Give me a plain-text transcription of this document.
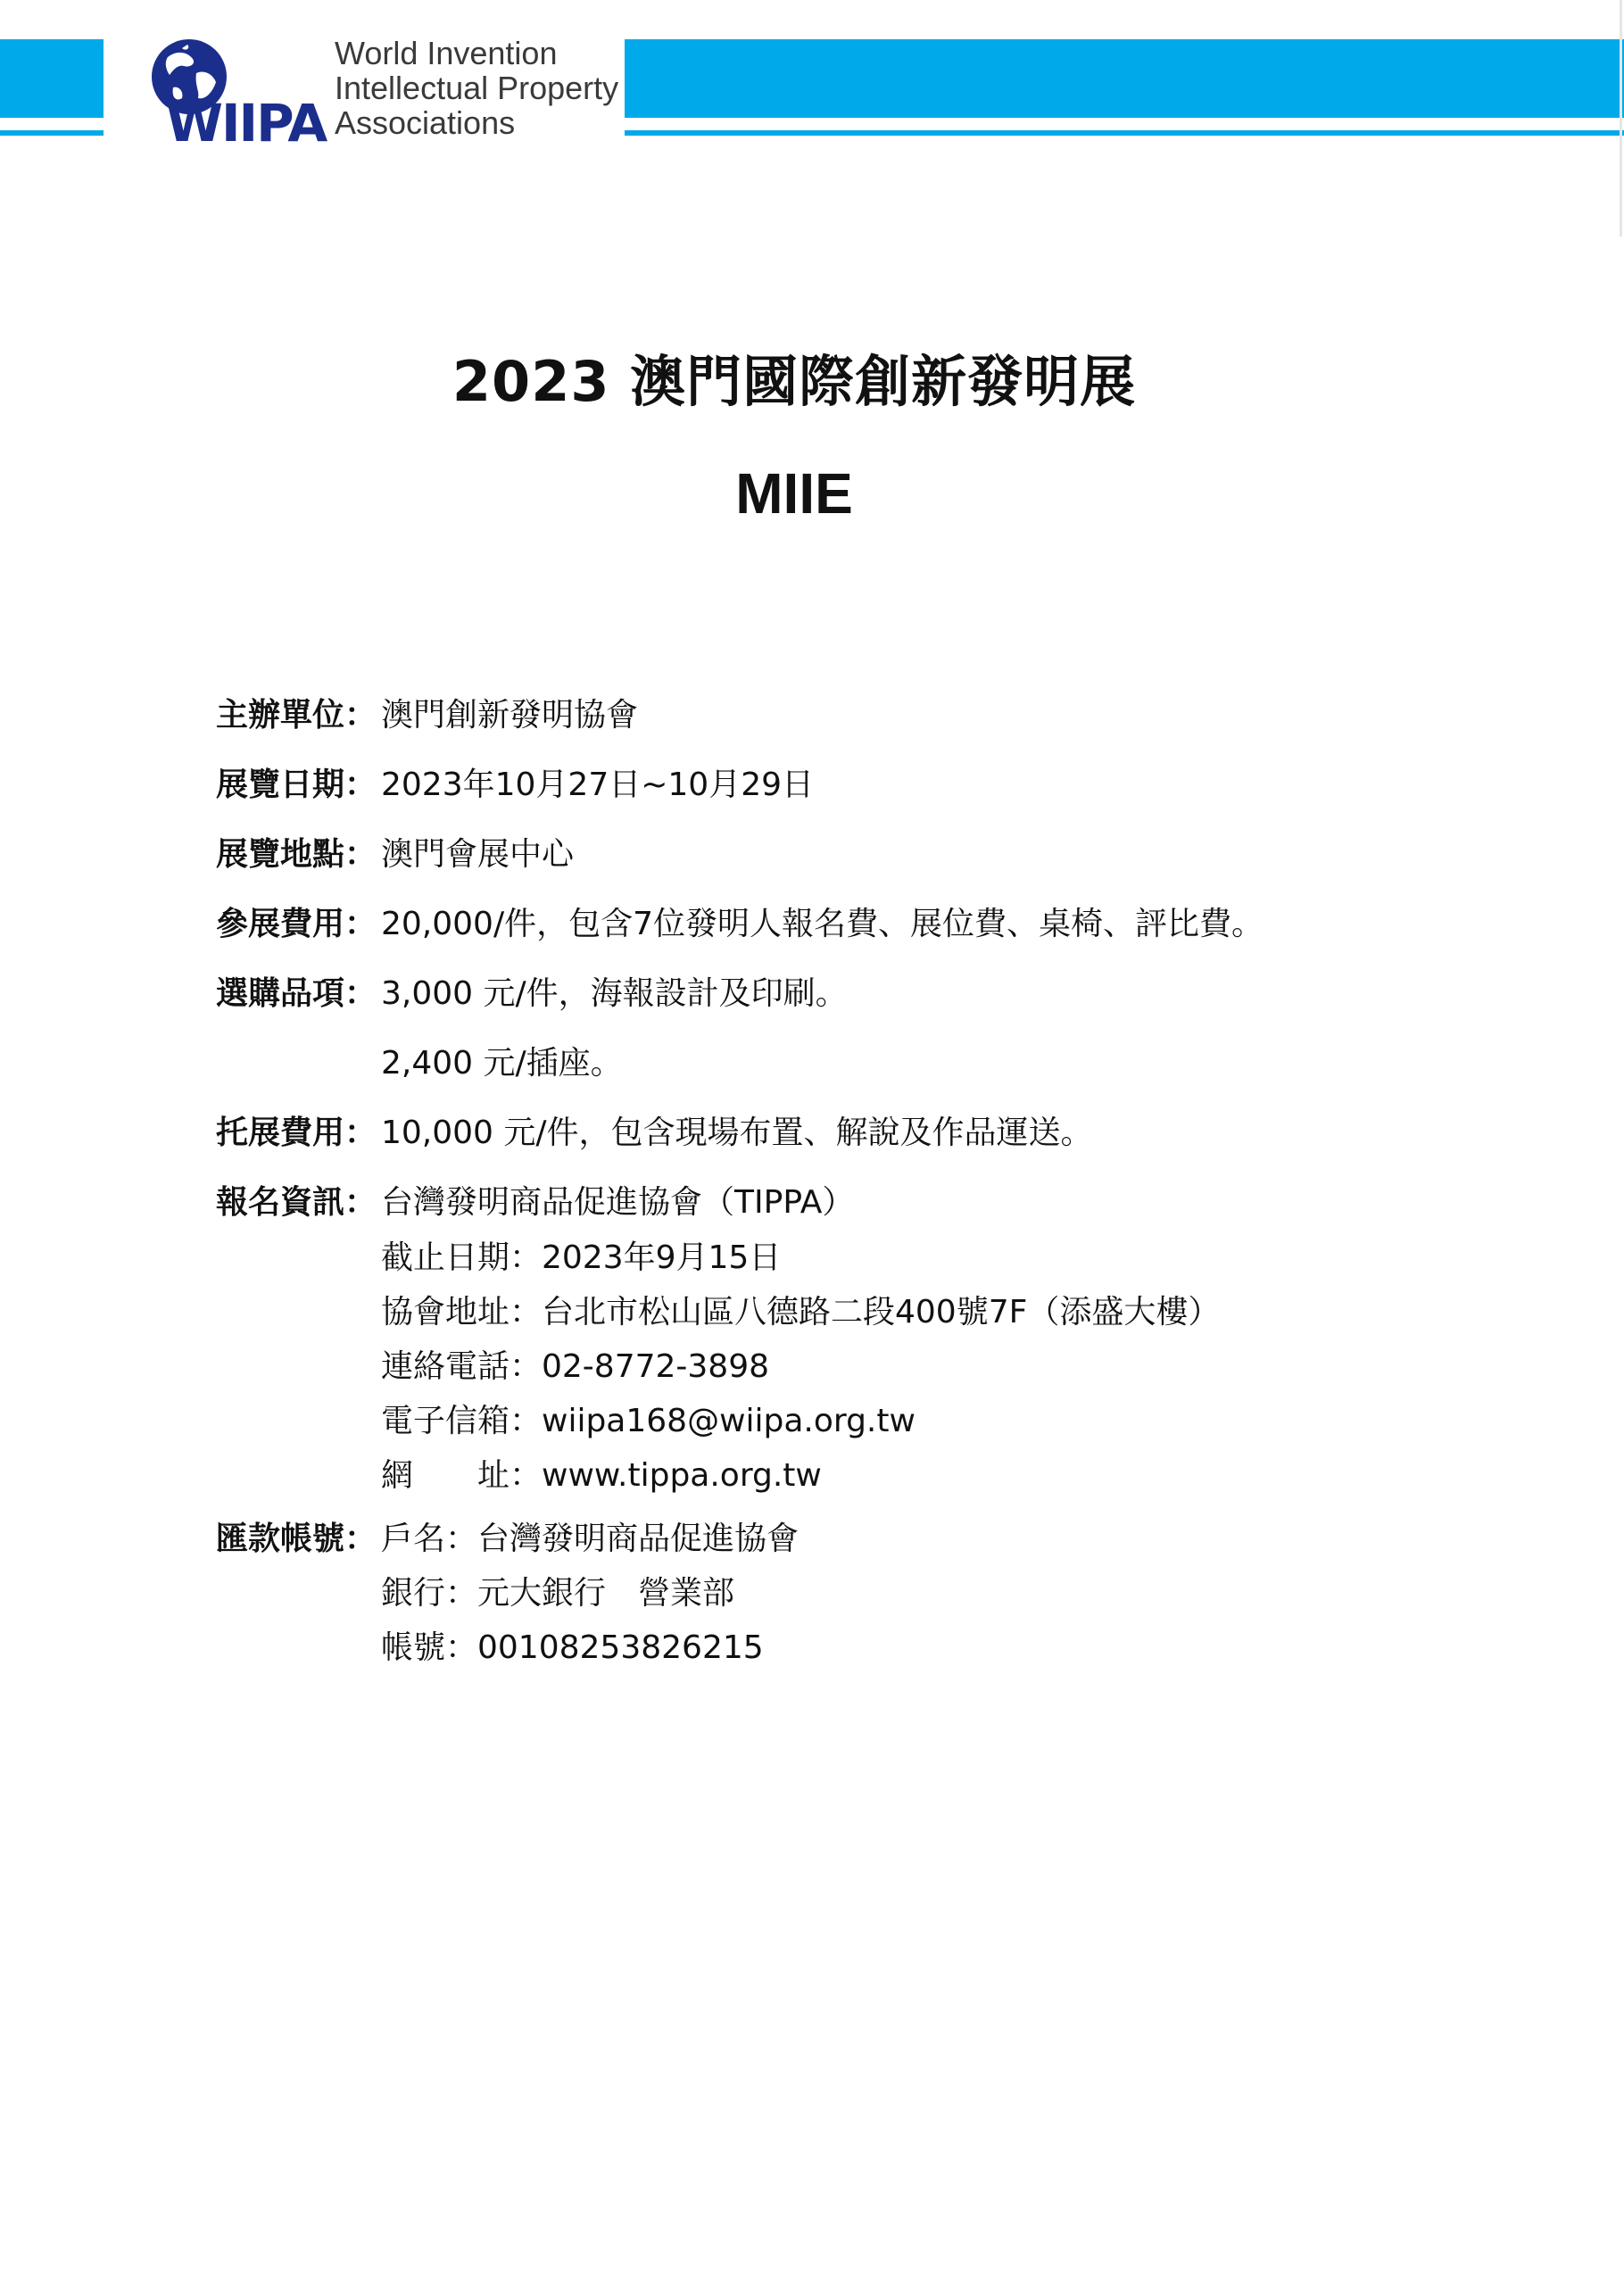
WIIPA
World Invention
Intellectual Property
Associations
2023 澳門國際創新發明展
MIIE
主辦單位： 澳門創新發明協會
展覽日期： 2023年10月27日~10月29日
展覽地點： 澳門會展中心
參展費用： 20,000/件，包含7位發明人報名費、展位費、桌椅、評比費。
選購品項： 3,000 元/件，海報設計及印刷。
2,400 元/插座。
托展費用： 10,000 元/件，包含現場布置、解說及作品運送。
報名資訊： 台灣發明商品促進協會（TIPPA）
截止日期：2023年9月15日
協會地址：台北市松山區八德路二段400號7F（添盛大樓）
連絡電話：02-8772-3898
電子信箱：wiipa168@wiipa.org.tw
網　　址：www.tippa.org.tw
匯款帳號： 戶名：台灣發明商品促進協會
銀行：元大銀行　營業部
帳號：00108253826215
